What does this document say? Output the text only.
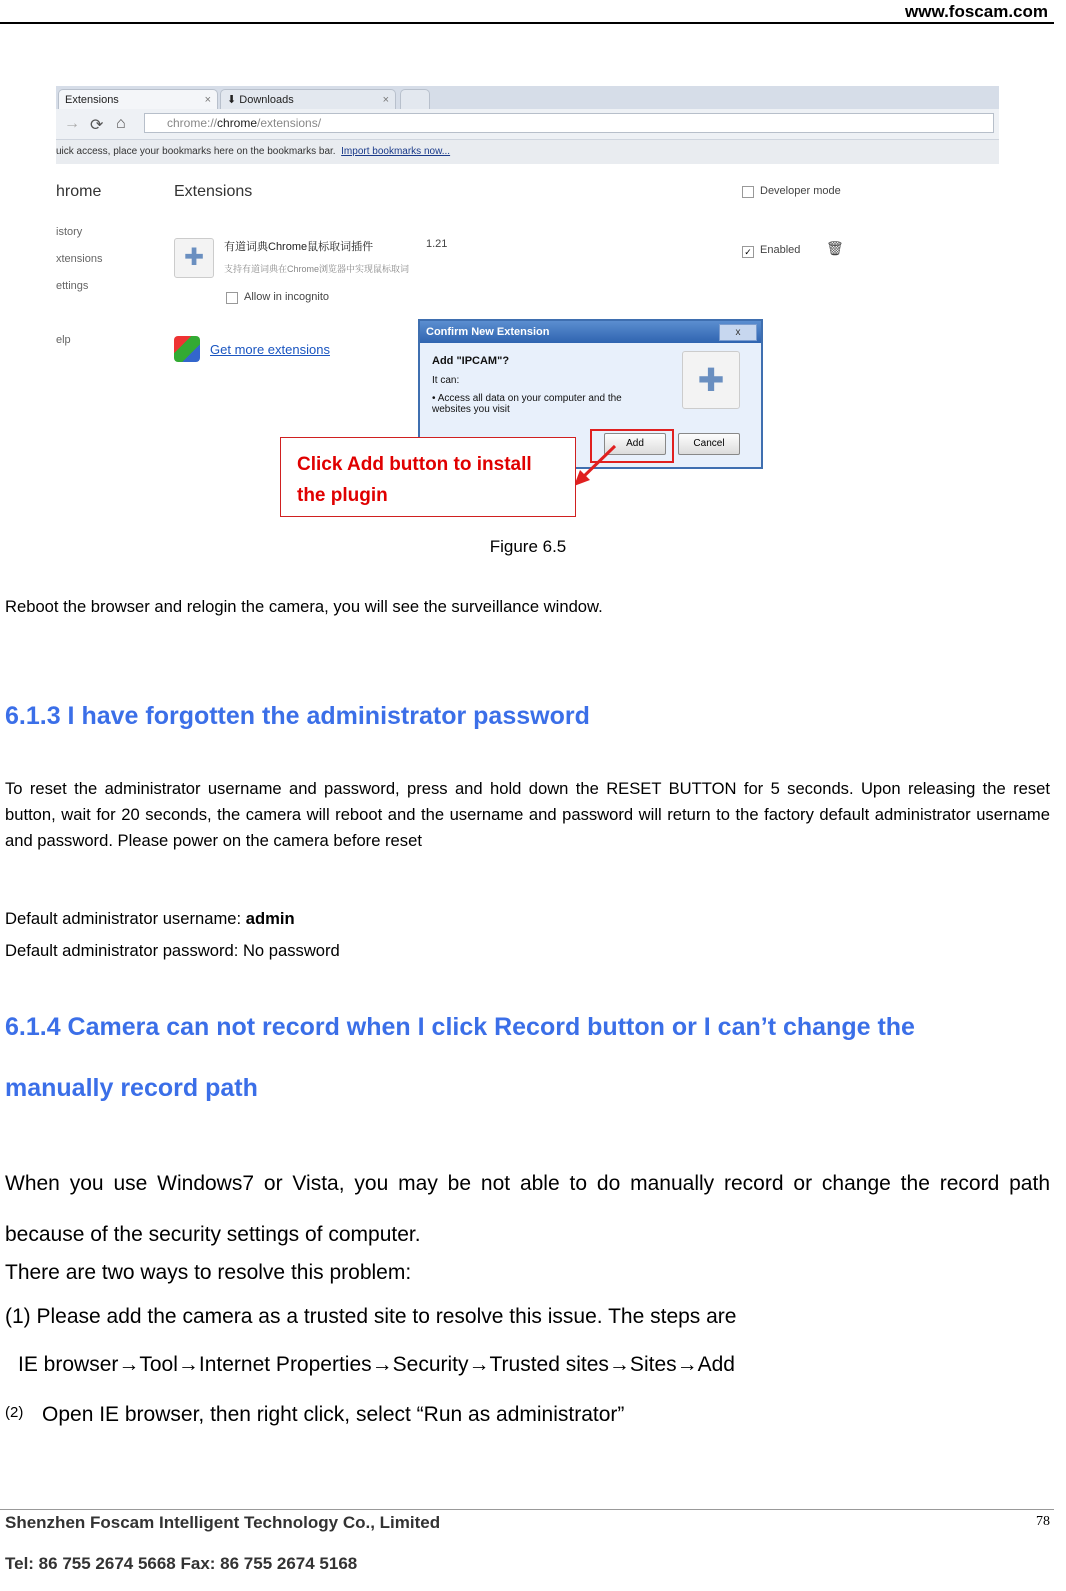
www.foscam.com
Extensions	×	⬇ Downloads	×
→ ⟳ ⌂	chrome://chrome/extensions/
uick access, place your bookmarks here on the bookmarks bar. Import bookmarks now...
hrome
istory
xtensions
ettings
elp
Extensions	Developer mode
✚	有道词典Chrome鼠标取词插件	1.21
支持有道词典在Chrome浏览器中实现鼠标取词
Allow in incognito
✓ Enabled 🗑
Get more extensions
Confirm New Extension	x
Add "IPCAM"?
It can:
• Access all data on your computer and the websites you visit
✚
Add	Cancel
Click Add button to install
the plugin
Figure 6.5
Reboot the browser and relogin the camera, you will see the surveillance window.
6.1.3 I have forgotten the administrator password
To reset the administrator username and password, press and hold down the RESET BUTTON for 5 seconds. Upon releasing the reset button, wait for 20 seconds, the camera will reboot and the username and password will return to the factory default administrator username and password. Please power on the camera before reset
Default administrator username: admin
Default administrator password: No password
6.1.4 Camera can not record when I click Record button or I can’t change the
manually record path
When you use Windows7 or Vista, you may be not able to do manually record or change the record path because of the security settings of computer.
There are two ways to resolve this problem:
(1) Please add the camera as a trusted site to resolve this issue. The steps are
IE browser→Tool→Internet Properties→Security→Trusted sites→Sites→Add
(2) Open IE browser, then right click, select “Run as administrator”
Shenzhen Foscam Intelligent Technology Co., Limited
Tel: 86 755 2674 5668 Fax: 86 755 2674 5168
78
